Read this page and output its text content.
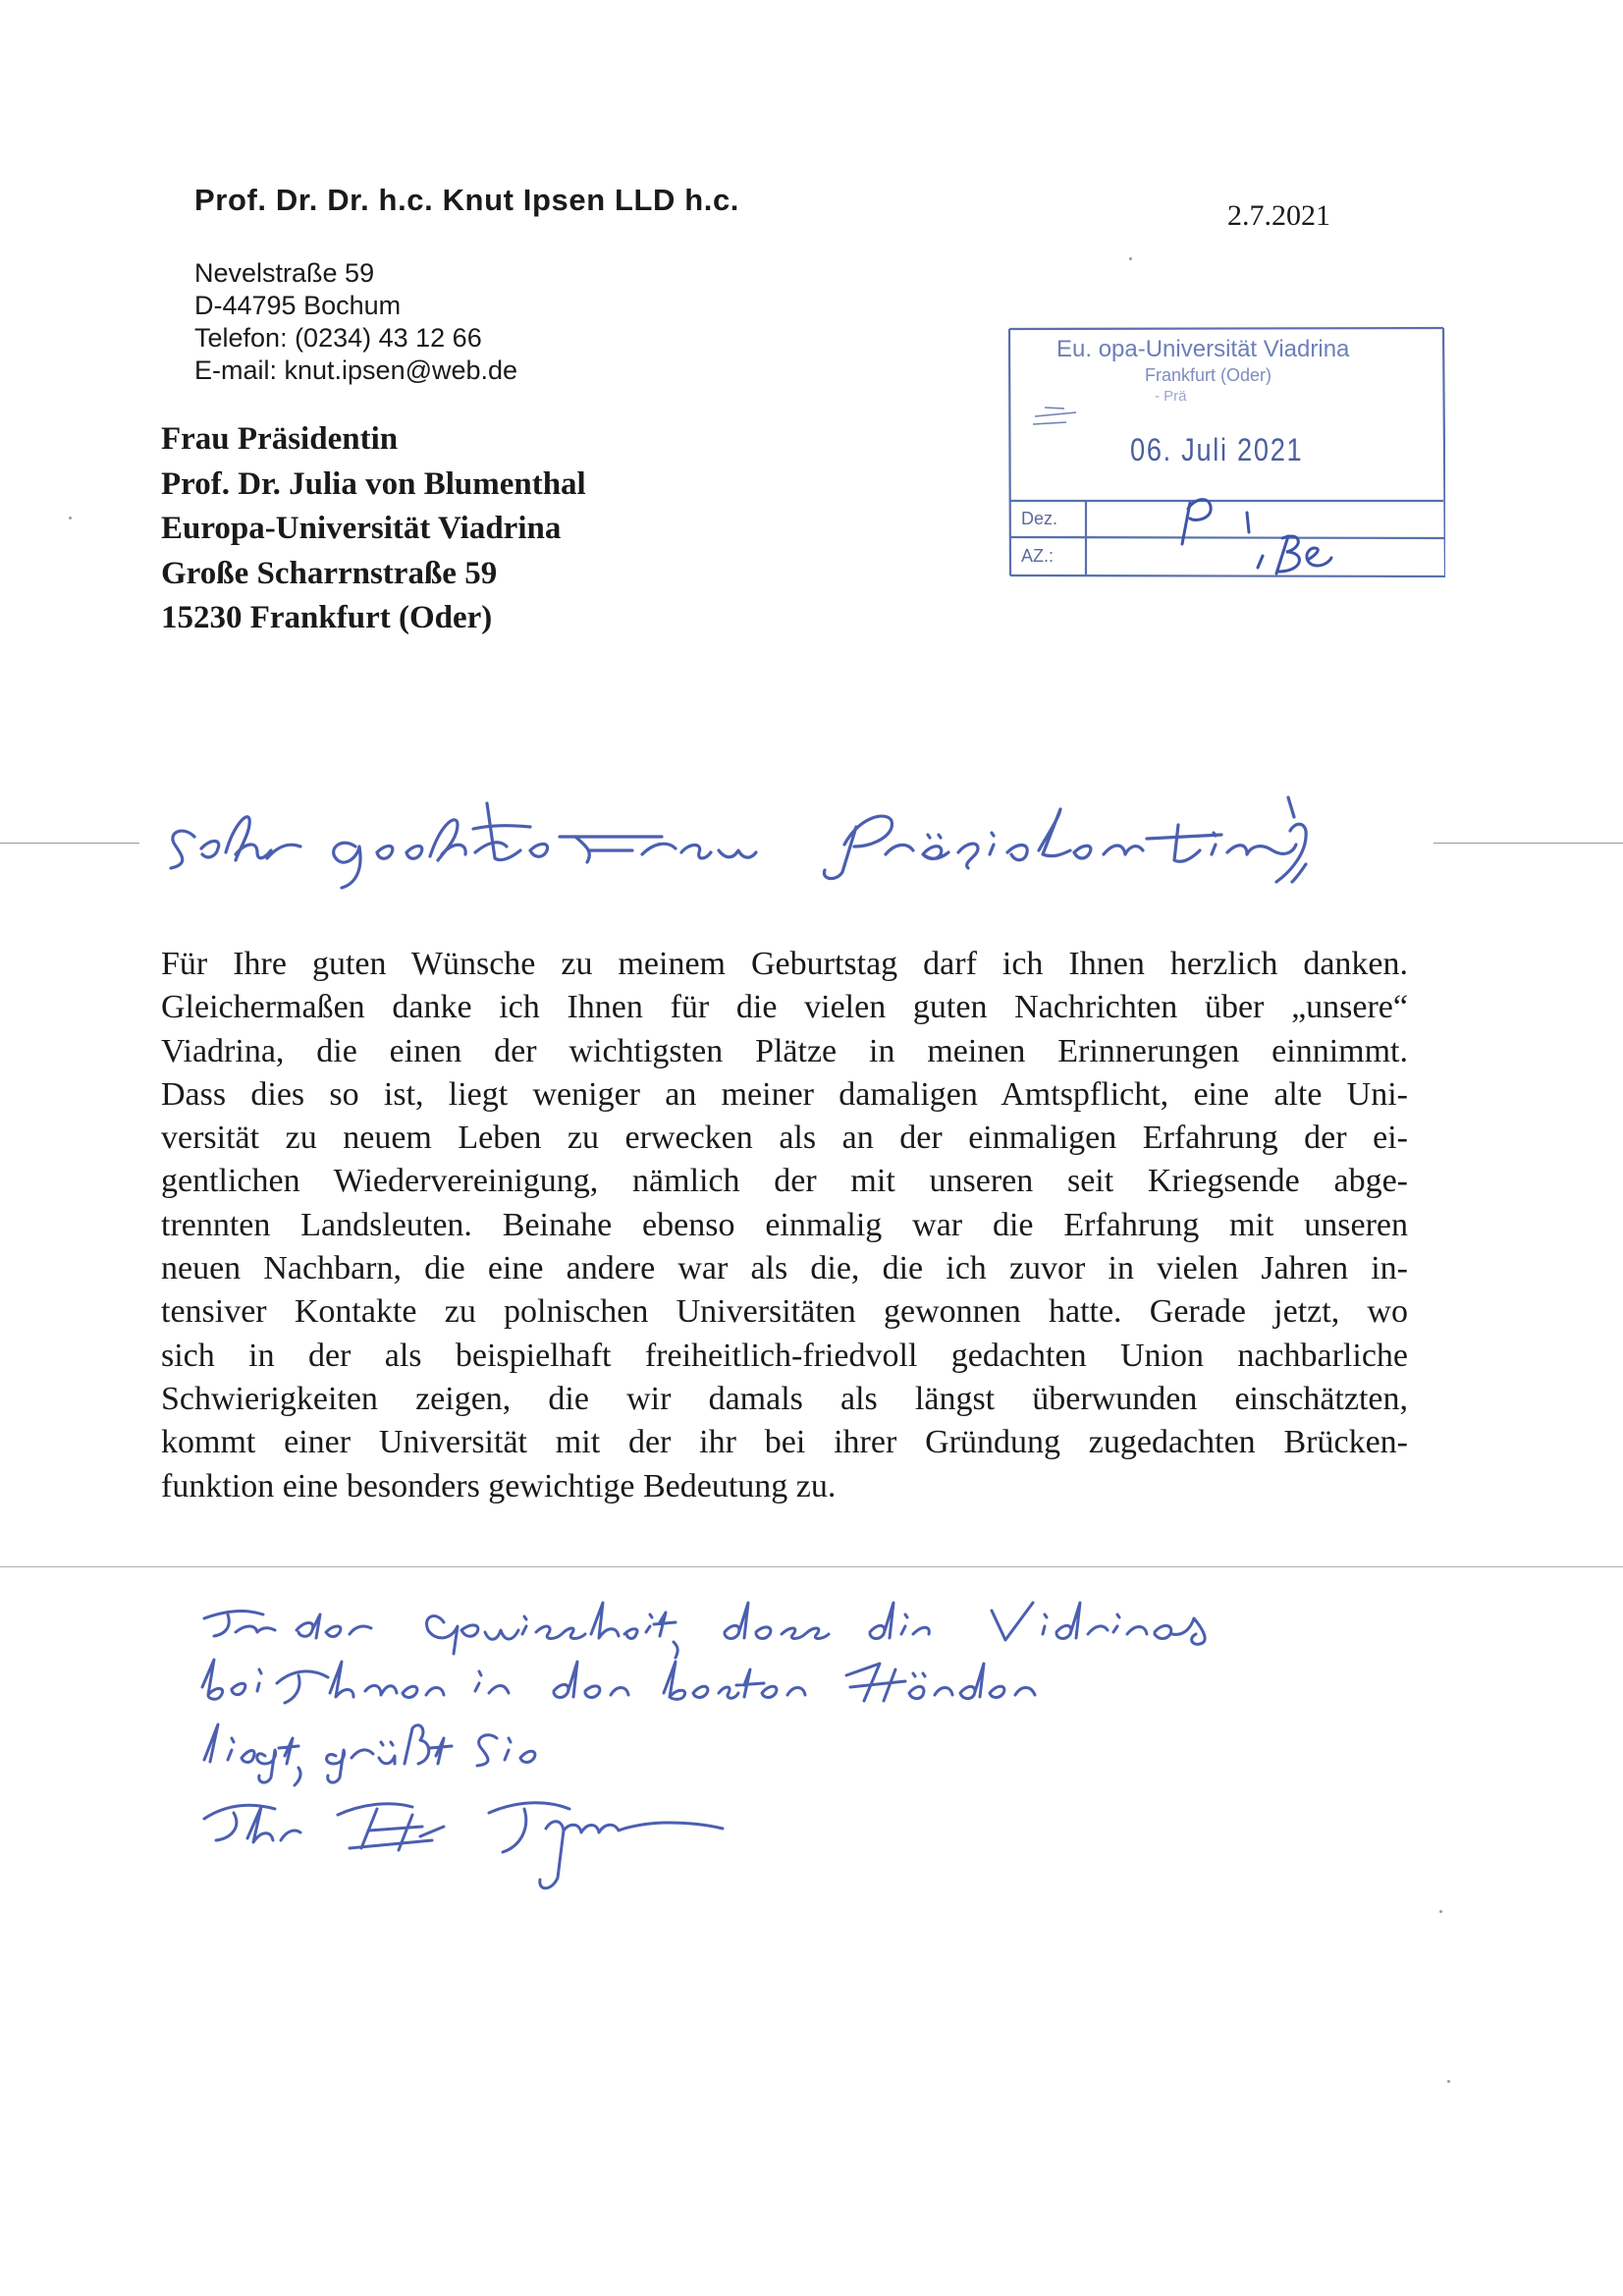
Prof. Dr. Dr. h.c. Knut Ipsen LLD h.c.	2.7.2021
Nevelstraße 59
D-44795 Bochum
Telefon: (0234) 43 12 66
E-mail: knut.ipsen@web.de
Frau Präsidentin
Prof. Dr. Julia von Blumenthal
Europa-Universität Viadrina
Große Scharrnstraße 59
15230 Frankfurt (Oder)
Eu. opa-Universität Viadrina
Frankfurt (Oder)
- Prä
06. Juli 2021
Dez.
AZ.:
Für Ihre guten Wünsche zu meinem Geburtstag darf ich Ihnen herzlich danken.
Gleichermaßen danke ich Ihnen für die vielen guten Nachrichten über „unsere“
Viadrina, die einen der wichtigsten Plätze in meinen Erinnerungen einnimmt.
Dass dies so ist, liegt weniger an meiner damaligen Amtspflicht, eine alte Uni-
versität zu neuem Leben zu erwecken als an der einmaligen Erfahrung der ei-
gentlichen Wiedervereinigung, nämlich der mit unseren seit Kriegsende abge-
trennten Landsleuten. Beinahe ebenso einmalig war die Erfahrung mit unseren
neuen Nachbarn, die eine andere war als die, die ich zuvor in vielen Jahren in-
tensiver Kontakte zu polnischen Universitäten gewonnen hatte. Gerade jetzt, wo
sich in der als beispielhaft freiheitlich-friedvoll gedachten Union nachbarliche
Schwierigkeiten zeigen, die wir damals als längst überwunden einschätzten,
kommt einer Universität mit der ihr bei ihrer Gründung zugedachten Brücken-
funktion eine besonders gewichtige Bedeutung zu.
